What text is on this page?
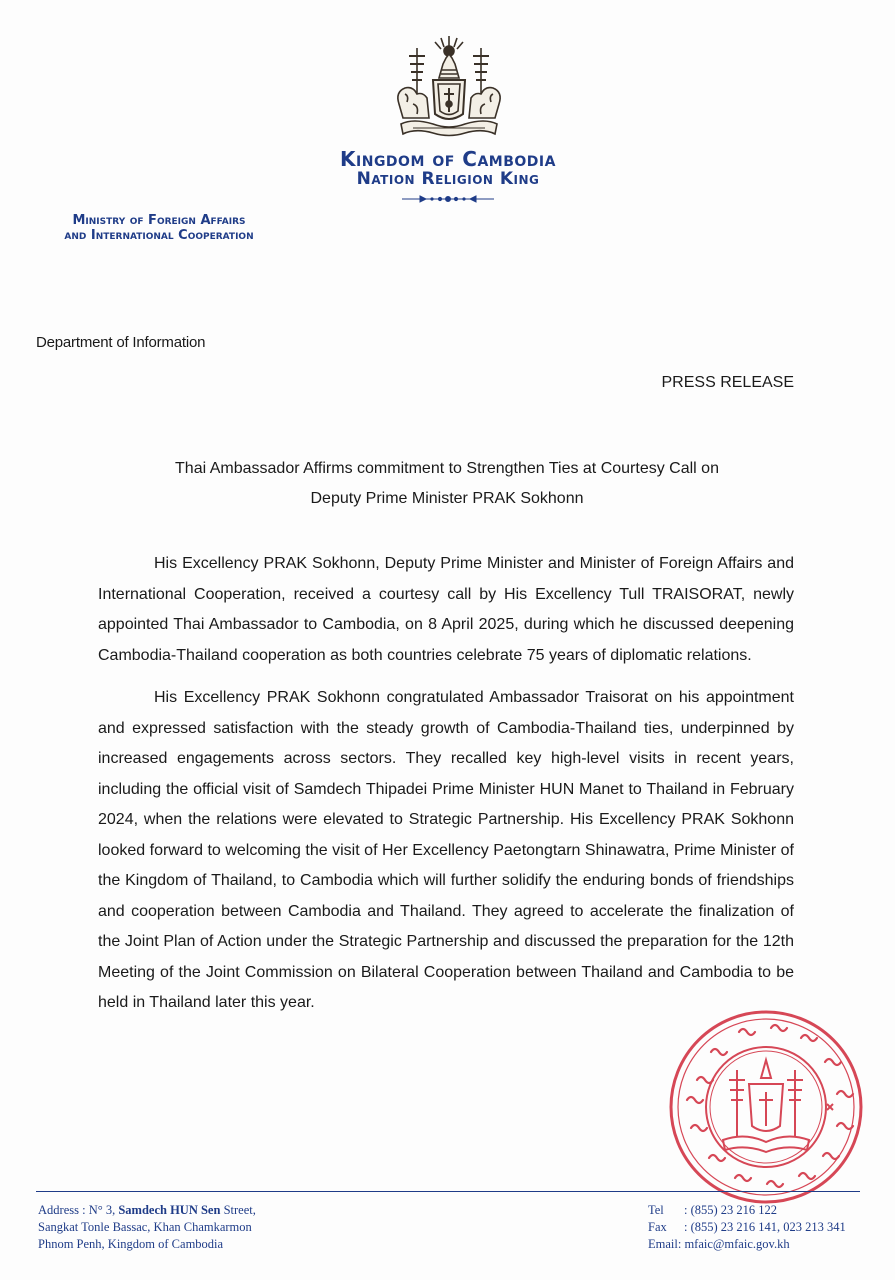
Kingdom of Cambodia
Nation Religion King
Ministry of Foreign Affairs
and International Cooperation
Department of Information
PRESS RELEASE
Thai Ambassador Affirms commitment to Strengthen Ties at Courtesy Call on
Deputy Prime Minister PRAK Sokhonn

His Excellency PRAK Sokhonn, Deputy Prime Minister and Minister of Foreign Affairs and International Cooperation, received a courtesy call by His Excellency Tull TRAISORAT, newly appointed Thai Ambassador to Cambodia, on 8 April 2025, during which he discussed deepening Cambodia-Thailand cooperation as both countries celebrate 75 years of diplomatic relations.

His Excellency PRAK Sokhonn congratulated Ambassador Traisorat on his appointment and expressed satisfaction with the steady growth of Cambodia-Thailand ties, underpinned by increased engagements across sectors. They recalled key high-level visits in recent years, including the official visit of Samdech Thipadei Prime Minister HUN Manet to Thailand in February 2024, when the relations were elevated to Strategic Partnership. His Excellency PRAK Sokhonn looked forward to welcoming the visit of Her Excellency Paetongtarn Shinawatra, Prime Minister of the Kingdom of Thailand, to Cambodia which will further solidify the enduring bonds of friendships and cooperation between Cambodia and Thailand. They agreed to accelerate the finalization of the Joint Plan of Action under the Strategic Partnership and discussed the preparation for the 12th Meeting of the Joint Commission on Bilateral Cooperation between Thailand and Cambodia to be held in Thailand later this year.

Address : N° 3, Samdech HUN Sen Street,
Sangkat Tonle Bassac, Khan Chamkarmon
Phnom Penh, Kingdom of Cambodia
Tel : (855) 23 216 122
Fax : (855) 23 216 141, 023 213 341
Email: mfaic@mfaic.gov.kh
